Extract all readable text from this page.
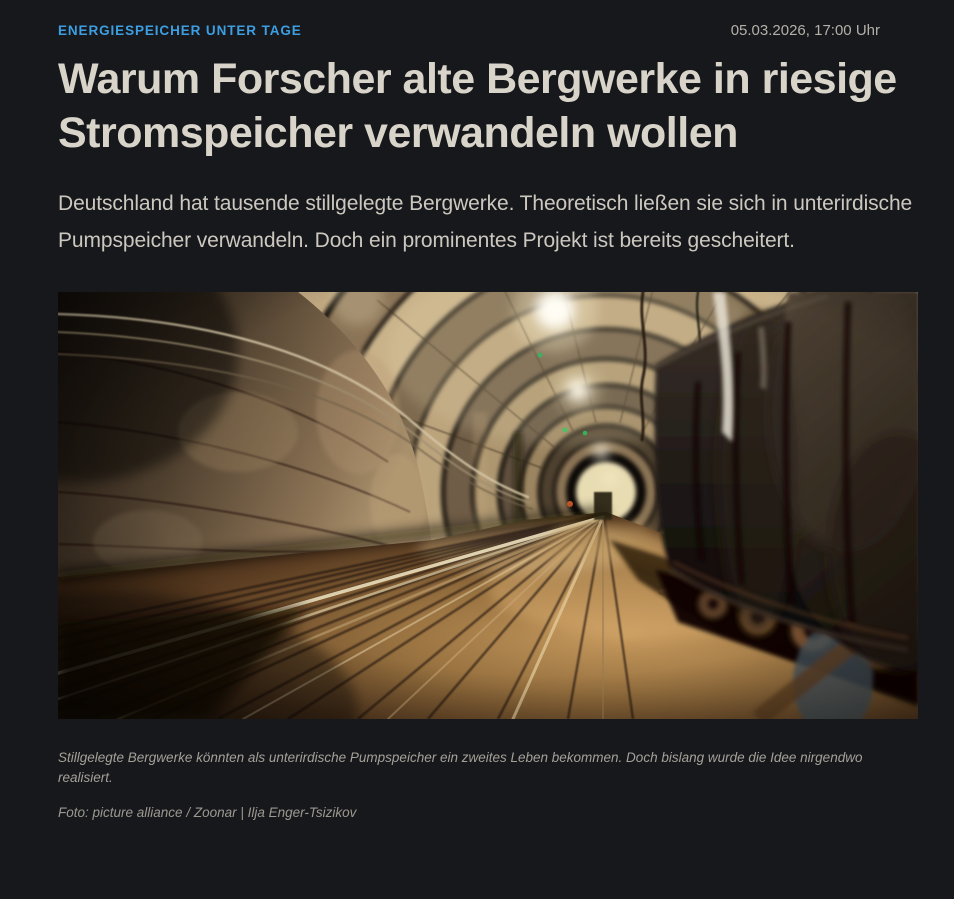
ENERGIESPEICHER UNTER TAGE	05.03.2026, 17:00 Uhr
Warum Forscher alte Bergwerke in riesige Stromspeicher verwandeln wollen

Deutschland hat tausende stillgelegte Bergwerke. Theoretisch ließen sie sich in unterirdische Pumpspeicher verwandeln. Doch ein prominentes Projekt ist bereits gescheitert.

Stillgelegte Bergwerke könnten als unterirdische Pumpspeicher ein zweites Leben bekommen. Doch bislang wurde die Idee nirgendwo realisiert.

Foto: picture alliance / Zoonar | Ilja Enger-Tsizikov
